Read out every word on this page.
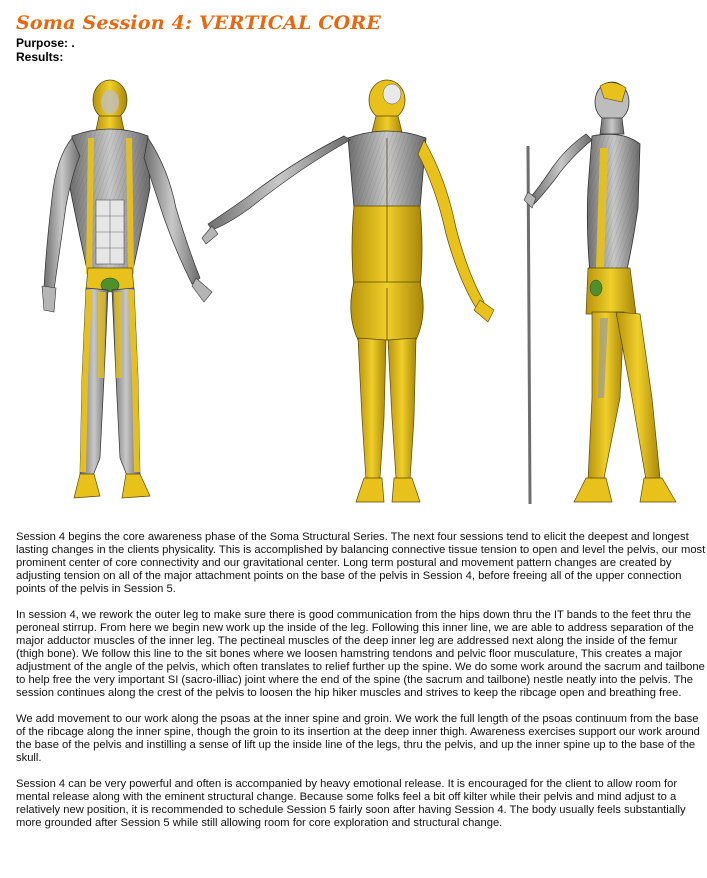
Soma Session 4: VERTICAL CORE
Purpose: .
Results:

Session 4 begins the core awareness phase of the Soma Structural Series. The next four sessions tend to elicit the deepest and longest lasting changes in the clients physicality. This is accomplished by balancing connective tissue tension to open and level the pelvis, our most prominent center of core connectivity and our gravitational center. Long term postural and movement pattern changes are created by adjusting tension on all of the major attachment points on the base of the pelvis in Session 4, before freeing all of the upper connection points of the pelvis in Session 5.

In session 4, we rework the outer leg to make sure there is good communication from the hips down thru the IT bands to the feet thru the peroneal stirrup. From here we begin new work up the inside of the leg. Following this inner line, we are able to address separation of the major adductor muscles of the inner leg. The pectineal muscles of the deep inner leg are addressed next along the inside of the femur (thigh bone). We follow this line to the sit bones where we loosen hamstring tendons and pelvic floor musculature, This creates a major adjustment of the angle of the pelvis, which often translates to relief further up the spine. We do some work around the sacrum and tailbone to help free the very important SI (sacro-illiac) joint where the end of the spine (the sacrum and tailbone) nestle neatly into the pelvis. The session continues along the crest of the pelvis to loosen the hip hiker muscles and strives to keep the ribcage open and breathing free.

We add movement to our work along the psoas at the inner spine and groin. We work the full length of the psoas continuum from the base of the ribcage along the inner spine, though the groin to its insertion at the deep inner thigh. Awareness exercises support our work around the base of the pelvis and instilling a sense of lift up the inside line of the legs, thru the pelvis, and up the inner spine up to the base of the skull.

Session 4 can be very powerful and often is accompanied by heavy emotional release. It is encouraged for the client to allow room for mental release along with the eminent structural change. Because some folks feel a bit off kilter while their pelvis and mind adjust to a relatively new position, it is recommended to schedule Session 5 fairly soon after having Session 4. The body usually feels substantially more grounded after Session 5 while still allowing room for core exploration and structural change.
